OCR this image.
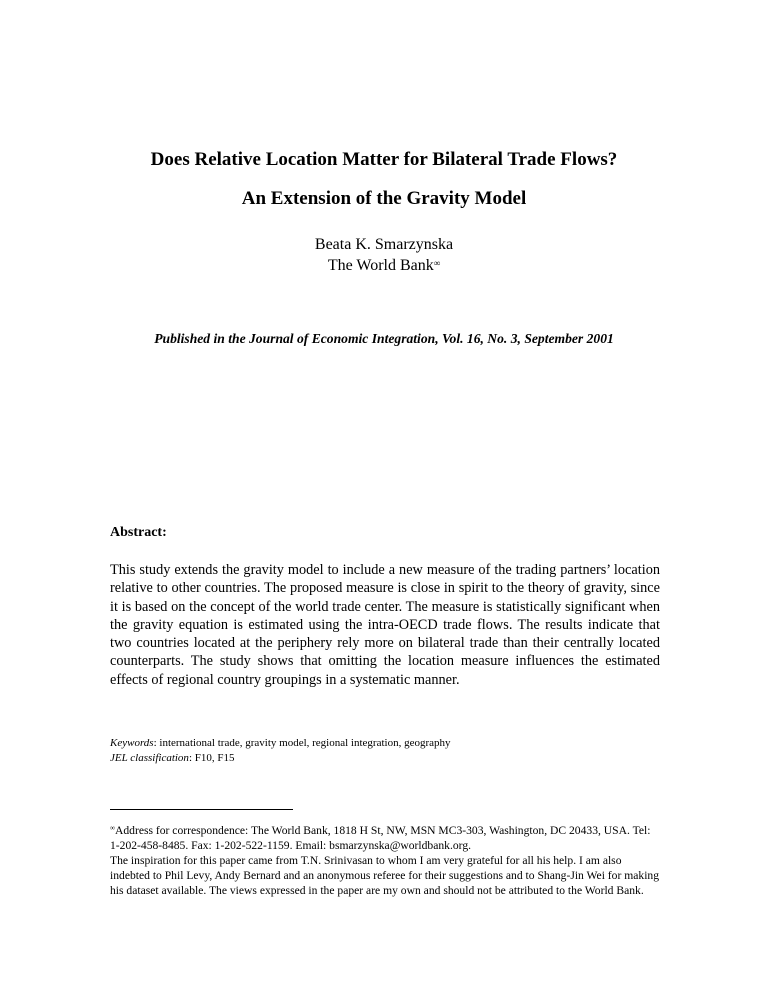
Does Relative Location Matter for Bilateral Trade Flows?
An Extension of the Gravity Model
Beata K. Smarzynska
The World Bank∞
Published in the Journal of Economic Integration, Vol. 16, No. 3, September 2001
Abstract:
This study extends the gravity model to include a new measure of the trading partners’ location relative to other countries. The proposed measure is close in spirit to the theory of gravity, since it is based on the concept of the world trade center. The measure is statistically significant when the gravity equation is estimated using the intra-OECD trade flows. The results indicate that two countries located at the periphery rely more on bilateral trade than their centrally located counterparts. The study shows that omitting the location measure influences the estimated effects of regional country groupings in a systematic manner.
Keywords: international trade, gravity model, regional integration, geography
JEL classification: F10, F15

∞Address for correspondence: The World Bank, 1818 H St, NW, MSN MC3-303, Washington, DC 20433, USA. Tel: 1-202-458-8485. Fax: 1-202-522-1159. Email: bsmarzynska@worldbank.org.

The inspiration for this paper came from T.N. Srinivasan to whom I am very grateful for all his help. I am also indebted to Phil Levy, Andy Bernard and an anonymous referee for their suggestions and to Shang-Jin Wei for making his dataset available. The views expressed in the paper are my own and should not be attributed to the World Bank.
